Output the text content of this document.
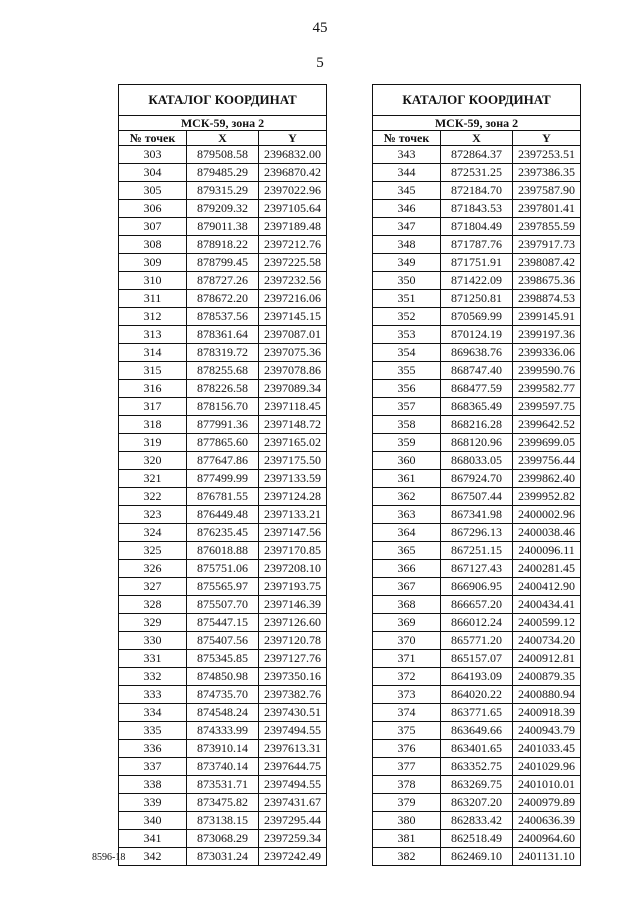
45
5
КАТАЛОГ КООРДИНАТ		
МСК-59, зона 2		
№ точек	X	Y
303	879508.58	2396832.00
304	879485.29	2396870.42
305	879315.29	2397022.96
306	879209.32	2397105.64
307	879011.38	2397189.48
308	878918.22	2397212.76
309	878799.45	2397225.58
310	878727.26	2397232.56
311	878672.20	2397216.06
312	878537.56	2397145.15
313	878361.64	2397087.01
314	878319.72	2397075.36
315	878255.68	2397078.86
316	878226.58	2397089.34
317	878156.70	2397118.45
318	877991.36	2397148.72
319	877865.60	2397165.02
320	877647.86	2397175.50
321	877499.99	2397133.59
322	876781.55	2397124.28
323	876449.48	2397133.21
324	876235.45	2397147.56
325	876018.88	2397170.85
326	875751.06	2397208.10
327	875565.97	2397193.75
328	875507.70	2397146.39
329	875447.15	2397126.60
330	875407.56	2397120.78
331	875345.85	2397127.76
332	874850.98	2397350.16
333	874735.70	2397382.76
334	874548.24	2397430.51
335	874333.99	2397494.55
336	873910.14	2397613.31
337	873740.14	2397644.75
338	873531.71	2397494.55
339	873475.82	2397431.67
340	873138.15	2397295.44
341	873068.29	2397259.34
342	873031.24	2397242.49
КАТАЛОГ КООРДИНАТ		
МСК-59, зона 2		
№ точек	X	Y
343	872864.37	2397253.51
344	872531.25	2397386.35
345	872184.70	2397587.90
346	871843.53	2397801.41
347	871804.49	2397855.59
348	871787.76	2397917.73
349	871751.91	2398087.42
350	871422.09	2398675.36
351	871250.81	2398874.53
352	870569.99	2399145.91
353	870124.19	2399197.36
354	869638.76	2399336.06
355	868747.40	2399590.76
356	868477.59	2399582.77
357	868365.49	2399597.75
358	868216.28	2399642.52
359	868120.96	2399699.05
360	868033.05	2399756.44
361	867924.70	2399862.40
362	867507.44	2399952.82
363	867341.98	2400002.96
364	867296.13	2400038.46
365	867251.15	2400096.11
366	867127.43	2400281.45
367	866906.95	2400412.90
368	866657.20	2400434.41
369	866012.24	2400599.12
370	865771.20	2400734.20
371	865157.07	2400912.81
372	864193.09	2400879.35
373	864020.22	2400880.94
374	863771.65	2400918.39
375	863649.66	2400943.79
376	863401.65	2401033.45
377	863352.75	2401029.96
378	863269.75	2401010.01
379	863207.20	2400979.89
380	862833.42	2400636.39
381	862518.49	2400964.60
382	862469.10	2401131.10
8596-18
